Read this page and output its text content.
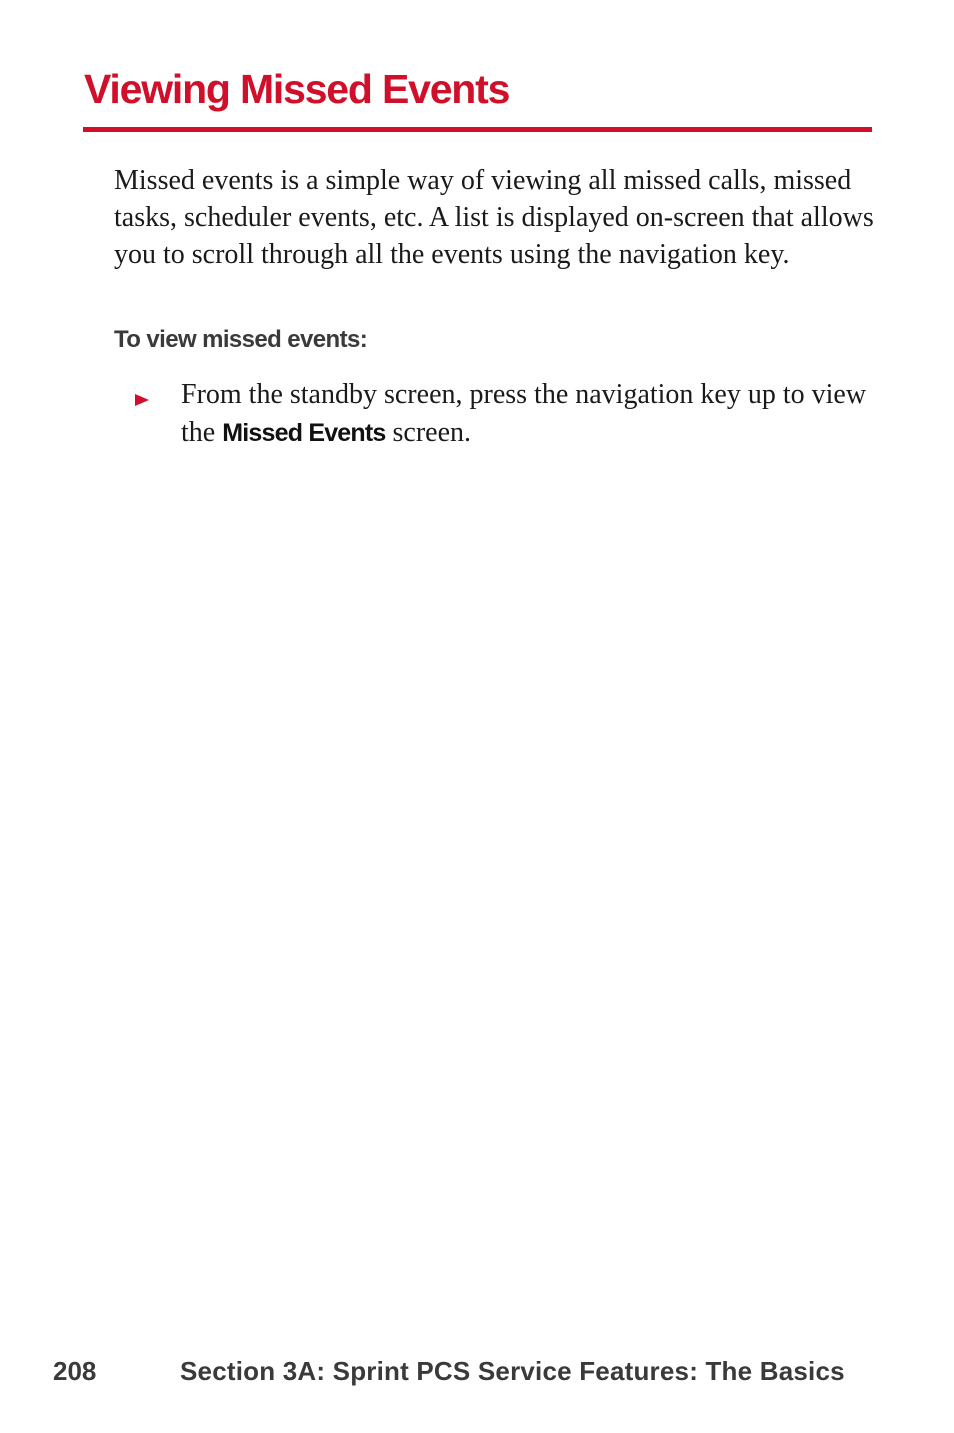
Viewing Missed Events

Missed events is a simple way of viewing all missed calls, missed tasks, scheduler events, etc. A list is displayed on-screen that allows you to scroll through all the events using the navigation key.

To view missed events:

From the standby screen, press the navigation key up to view the Missed Events screen.

208	Section 3A: Sprint PCS Service Features: The Basics
